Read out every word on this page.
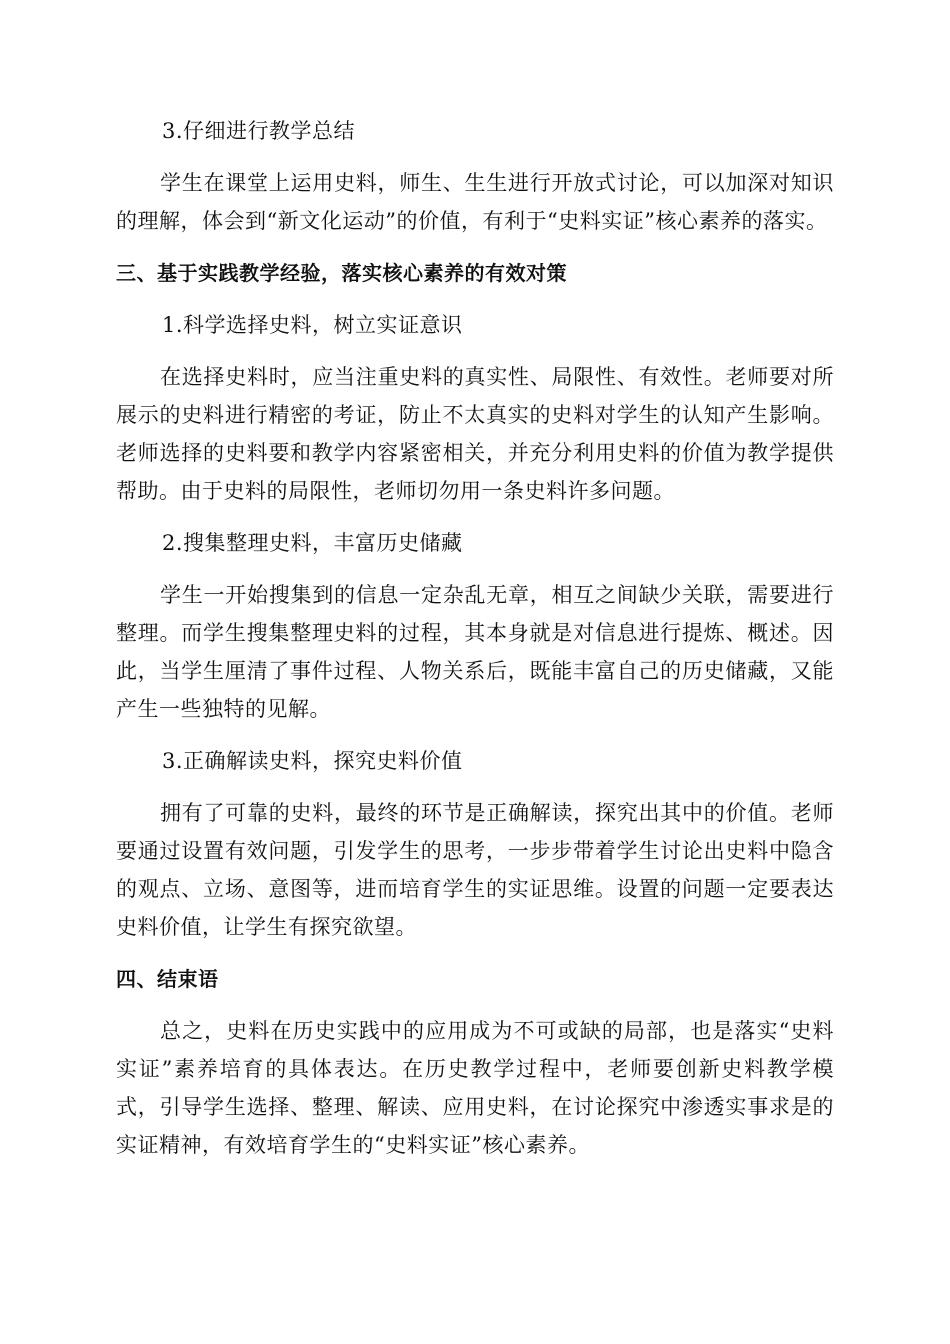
3.仔细进行教学总结

学生在课堂上运用史料，师生、生生进行开放式讨论，可以加深对知识的理解，体会到“新文化运动”的价值，有利于“史料实证”核心素养的落实。

三、基于实践教学经验，落实核心素养的有效对策

1.科学选择史料，树立实证意识

在选择史料时，应当注重史料的真实性、局限性、有效性。老师要对所展示的史料进行精密的考证，防止不太真实的史料对学生的认知产生影响。老师选择的史料要和教学内容紧密相关，并充分利用史料的价值为教学提供帮助。由于史料的局限性，老师切勿用一条史料许多问题。

2.搜集整理史料，丰富历史储藏

学生一开始搜集到的信息一定杂乱无章，相互之间缺少关联，需要进行整理。而学生搜集整理史料的过程，其本身就是对信息进行提炼、概述。因此，当学生厘清了事件过程、人物关系后，既能丰富自己的历史储藏，又能产生一些独特的见解。

3.正确解读史料，探究史料价值

拥有了可靠的史料，最终的环节是正确解读，探究出其中的价值。老师要通过设置有效问题，引发学生的思考，一步步带着学生讨论出史料中隐含的观点、立场、意图等，进而培育学生的实证思维。设置的问题一定要表达史料价值，让学生有探究欲望。

四、结束语

总之，史料在历史实践中的应用成为不可或缺的局部，也是落实“史料实证”素养培育的具体表达。在历史教学过程中，老师要创新史料教学模式，引导学生选择、整理、解读、应用史料，在讨论探究中渗透实事求是的实证精神，有效培育学生的“史料实证”核心素养。
